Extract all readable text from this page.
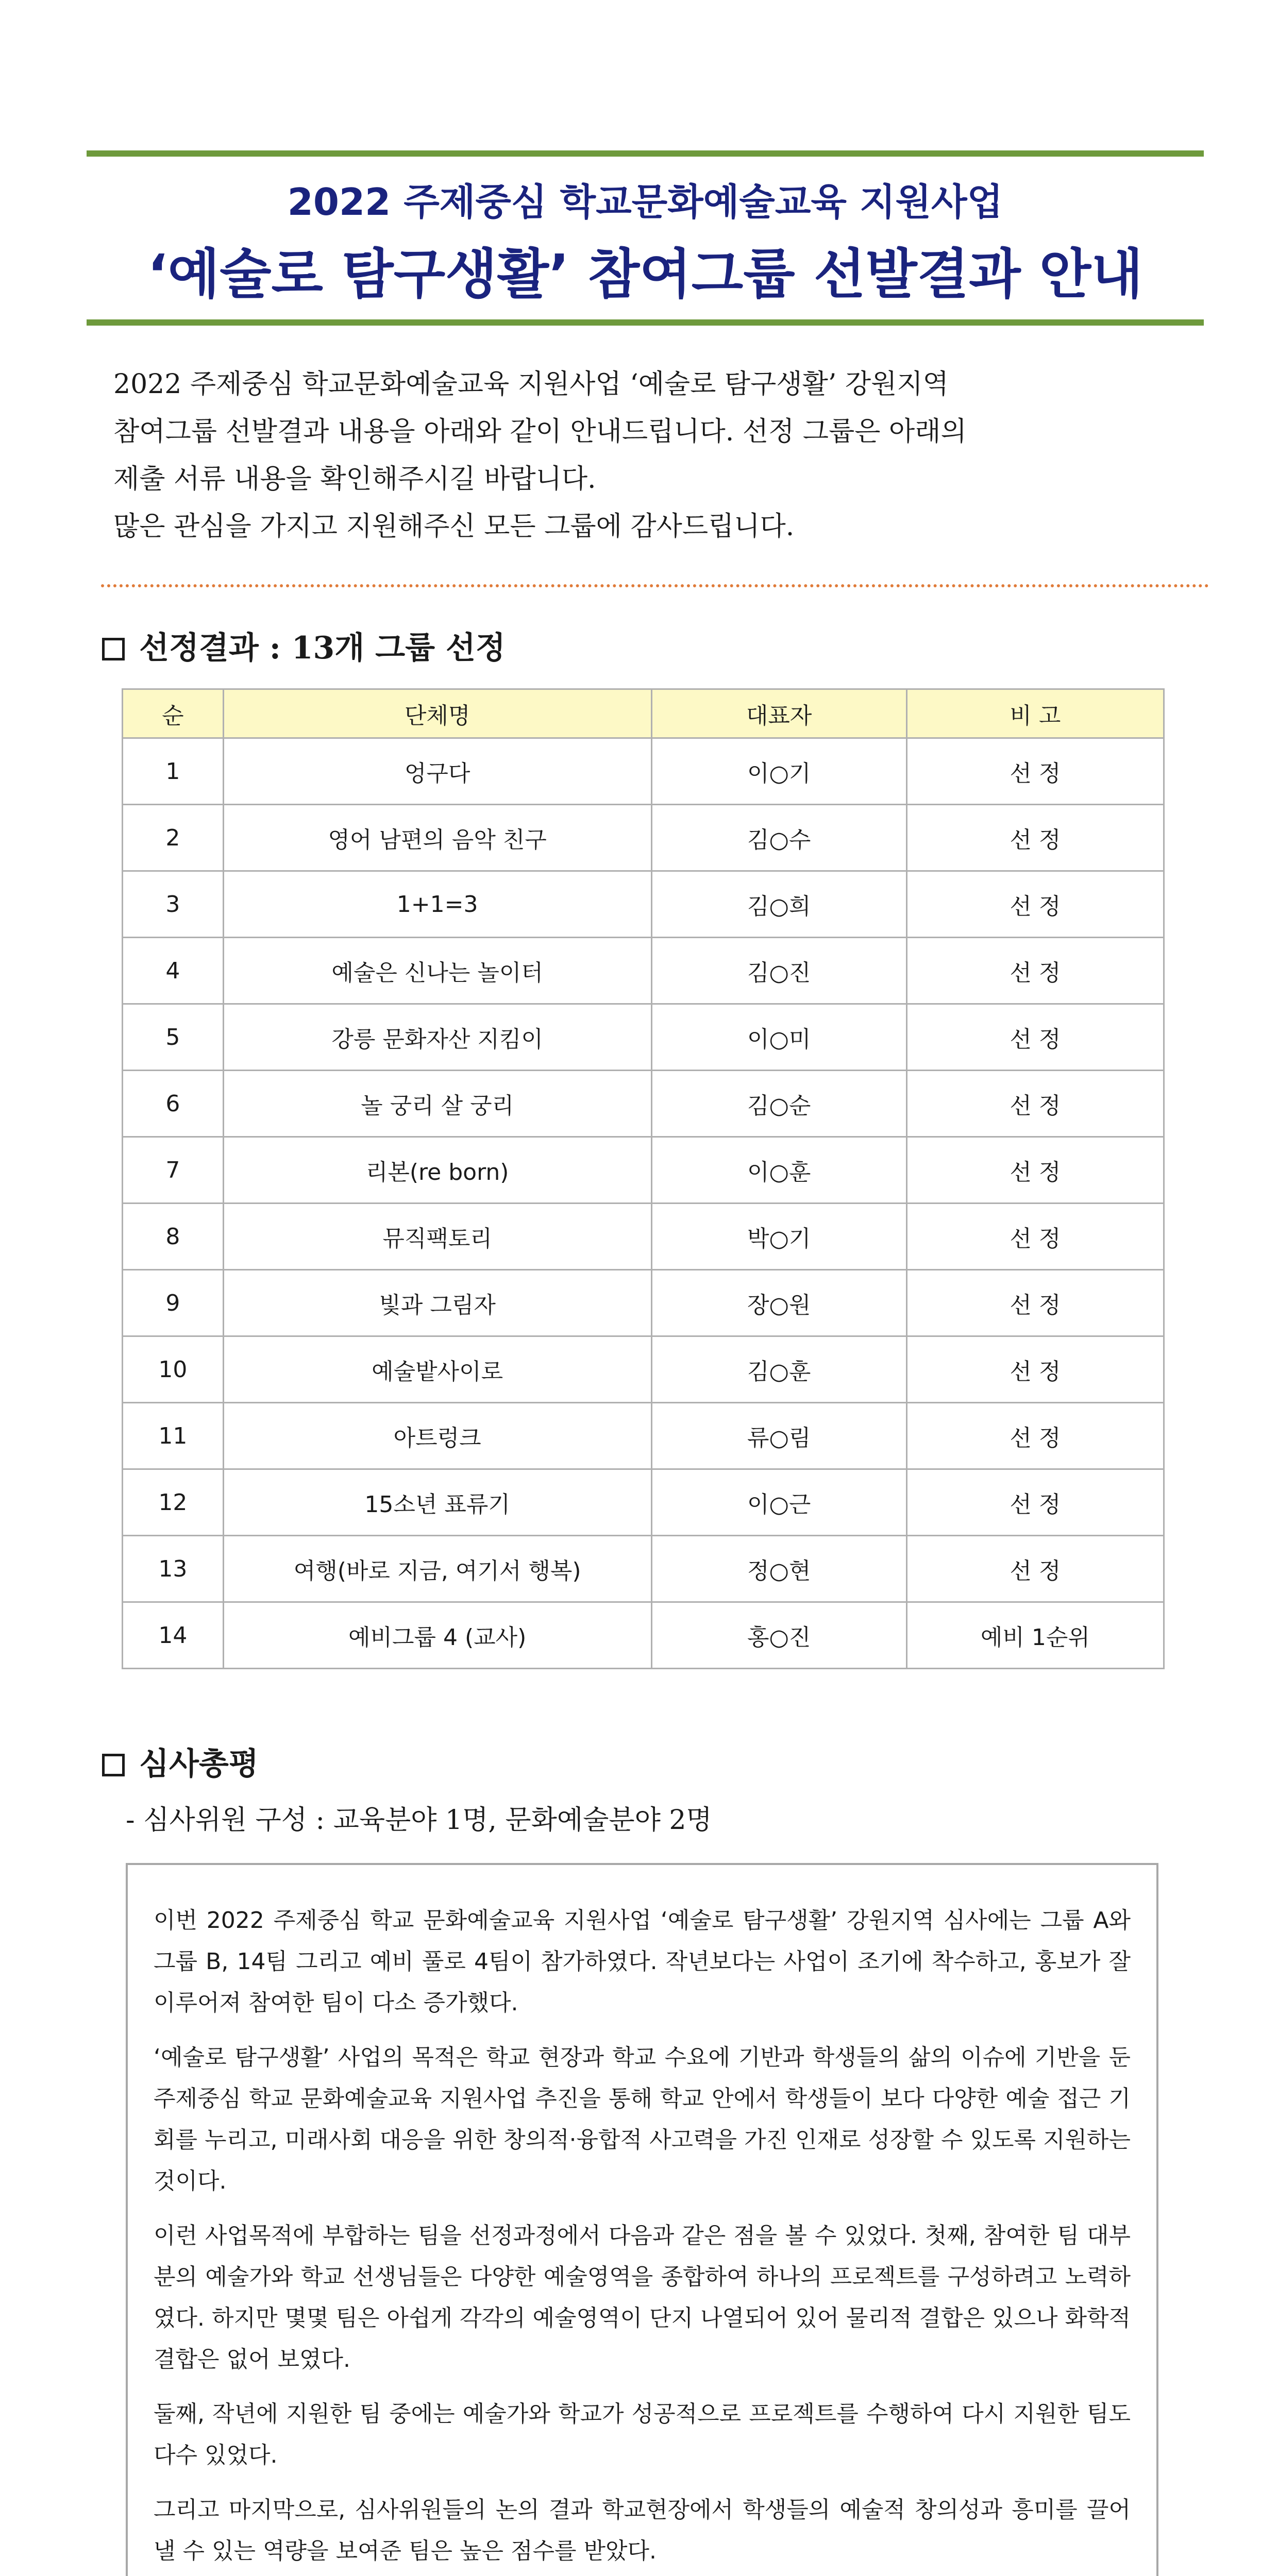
2022 주제중심 학교문화예술교육 지원사업
‘예술로 탐구생활’ 참여그룹 선발결과 안내

2022 주제중심 학교문화예술교육 지원사업 ‘예술로 탐구생활’ 강원지역

참여그룹 선발결과 내용을 아래와 같이 안내드립니다. 선정 그룹은 아래의

제출 서류 내용을 확인해주시길 바랍니다.

많은 관심을 가지고 지원해주신 모든 그룹에 감사드립니다.

선정결과 : 13개 그룹 선정
순	단체명	대표자	비 고
1	엉구다	이○기	선 정
2	영어 남편의 음악 친구	김○수	선 정
3	1+1=3	김○희	선 정
4	예술은 신나는 놀이터	김○진	선 정
5	강릉 문화자산 지킴이	이○미	선 정
6	놀 궁리 살 궁리	김○순	선 정
7	리본(re born)	이○훈	선 정
8	뮤직팩토리	박○기	선 정
9	빛과 그림자	장○원	선 정
10	예술밭사이로	김○훈	선 정
11	아트렁크	류○림	선 정
12	15소년 표류기	이○근	선 정
13	여행(바로 지금, 여기서 행복)	정○현	선 정
14	예비그룹 4 (교사)	홍○진	예비 1순위
심사총평
- 심사위원 구성 : 교육분야 1명, 문화예술분야 2명

이번 2022 주제중심 학교 문화예술교육 지원사업 ‘예술로 탐구생활’ 강원지역 심사에는 그룹 A와 그룹 B, 14팀 그리고 예비 풀로 4팀이 참가하였다. 작년보다는 사업이 조기에 착수하고, 홍보가 잘 이루어져 참여한 팀이 다소 증가했다.

‘예술로 탐구생활’ 사업의 목적은 학교 현장과 학교 수요에 기반과 학생들의 삶의 이슈에 기반을 둔 주제중심 학교 문화예술교육 지원사업 추진을 통해 학교 안에서 학생들이 보다 다양한 예술 접근 기회를 누리고, 미래사회 대응을 위한 창의적·융합적 사고력을 가진 인재로 성장할 수 있도록 지원하는 것이다.

이런 사업목적에 부합하는 팀을 선정과정에서 다음과 같은 점을 볼 수 있었다. 첫째, 참여한 팀 대부분의 예술가와 학교 선생님들은 다양한 예술영역을 종합하여 하나의 프로젝트를 구성하려고 노력하였다. 하지만 몇몇 팀은 아쉽게 각각의 예술영역이 단지 나열되어 있어 물리적 결합은 있으나 화학적 결합은 없어 보였다.

둘째, 작년에 지원한 팀 중에는 예술가와 학교가 성공적으로 프로젝트를 수행하여 다시 지원한 팀도 다수 있었다.

그리고 마지막으로, 심사위원들의 논의 결과 학교현장에서 학생들의 예술적 창의성과 흥미를 끌어낼 수 있는 역량을 보여준 팀은 높은 점수를 받았다.
